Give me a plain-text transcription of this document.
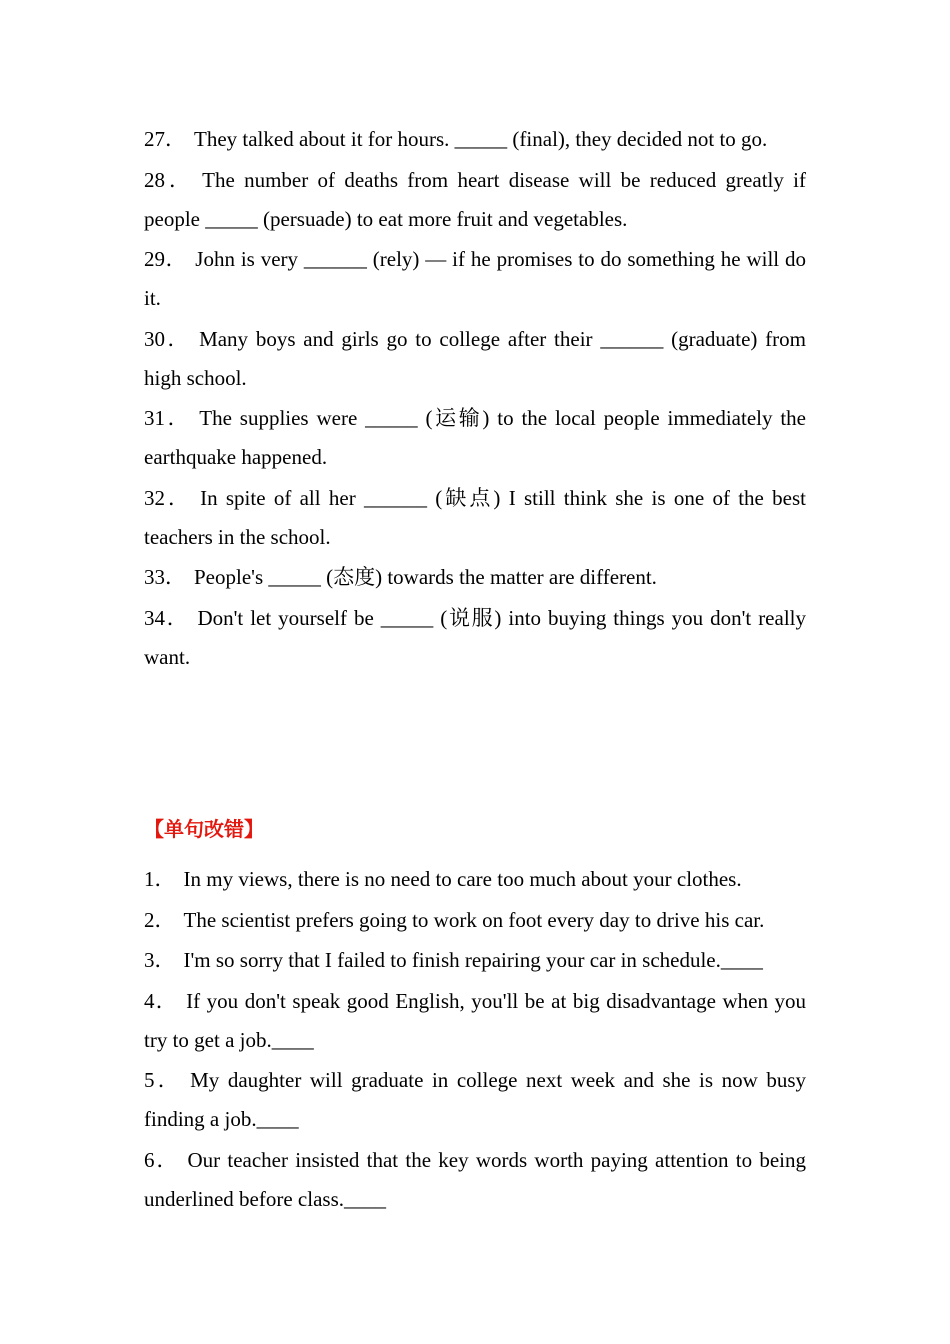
27． They talked about it for hours. _____ (final), they decided not to go.

28． The number of deaths from heart disease will be reduced greatly if people _____ (persuade) to eat more fruit and vegetables.

29． John is very ______ (rely) — if he promises to do something he will do it.

30． Many boys and girls go to college after their ______ (graduate) from high school.

31． The supplies were _____ (运输) to the local people immediately the earthquake happened.

32． In spite of all her ______ (缺点) I still think she is one of the best teachers in the school.

33． People's _____ (态度) towards the matter are different.

34． Don't let yourself be _____ (说服) into buying things you don't really want.

【单句改错】

1． In my views, there is no need to care too much about your clothes.

2． The scientist prefers going to work on foot every day to drive his car.

3． I'm so sorry that I failed to finish repairing your car in schedule.____

4． If you don't speak good English, you'll be at big disadvantage when you try to get a job.____

5． My daughter will graduate in college next week and she is now busy finding a job.____

6． Our teacher insisted that the key words worth paying attention to being underlined before class.____
